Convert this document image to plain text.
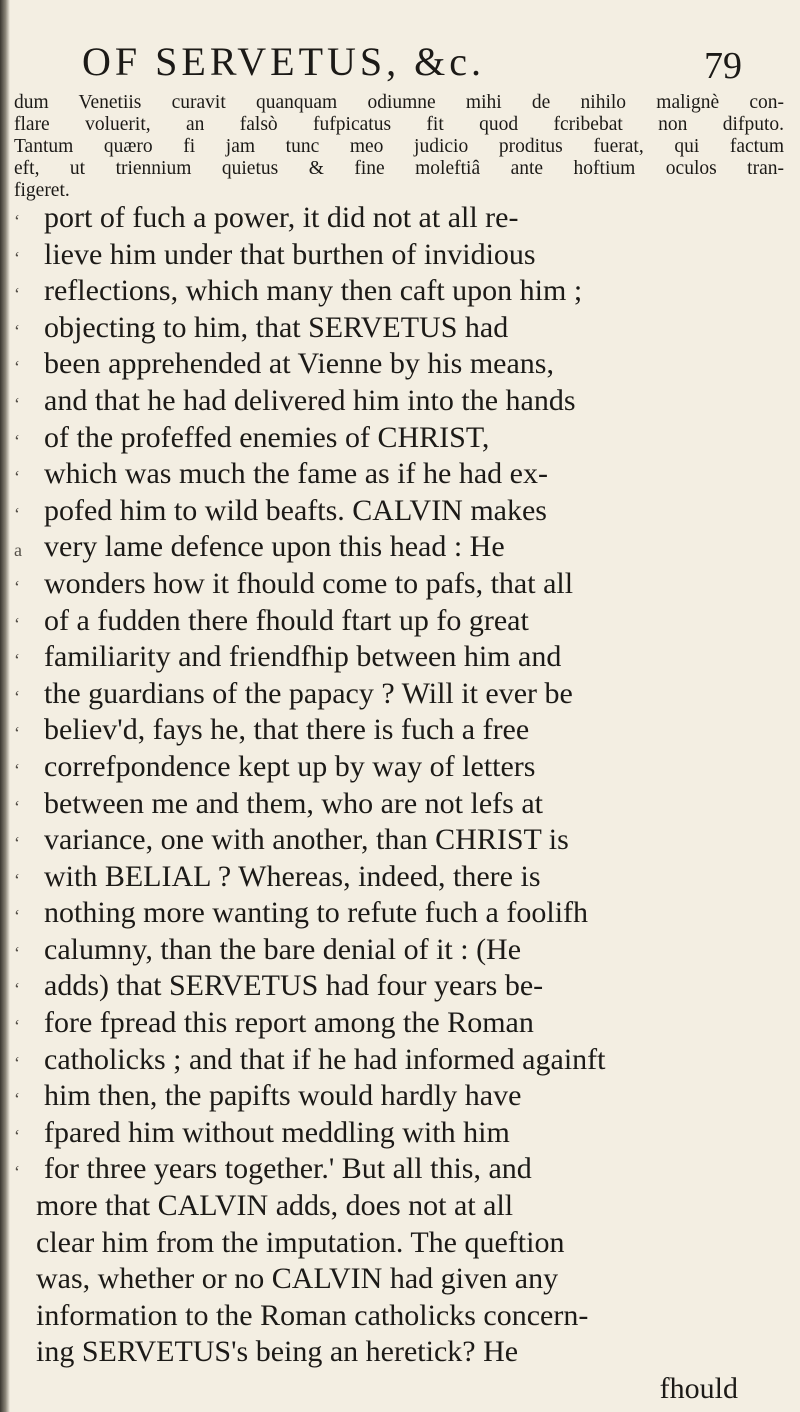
OF SERVETUS, &c.	79
dum Venetiis curavit quanquam odiumne mihi de nihilo malignè con-
flare voluerit, an falsò fufpicatus fit quod fcribebat non difputo.
Tantum quæro fi jam tunc meo judicio proditus fuerat, qui factum
eft, ut triennium quietus & fine moleftiâ ante hoftium oculos tran-
figeret.
‘ port of fuch a power, it did not at all re-
‘ lieve him under that burthen of invidious
‘ reflections, which many then caft upon him ;
‘ objecting to him, that SERVETUS had
‘ been apprehended at Vienne by his means,
‘ and that he had delivered him into the hands
‘ of the profeffed enemies of CHRIST,
‘ which was much the fame as if he had ex-
‘ pofed him to wild beafts. CALVIN makes
a very lame defence upon this head : He
‘ wonders how it fhould come to pafs, that all
‘ of a fudden there fhould ftart up fo great
‘ familiarity and friendfhip between him and
‘ the guardians of the papacy ? Will it ever be
‘ believ'd, fays he, that there is fuch a free
‘ correfpondence kept up by way of letters
‘ between me and them, who are not lefs at
‘ variance, one with another, than CHRIST is
‘ with BELIAL ? Whereas, indeed, there is
‘ nothing more wanting to refute fuch a foolifh
‘ calumny, than the bare denial of it : (He
‘ adds) that SERVETUS had four years be-
‘ fore fpread this report among the Roman
‘ catholicks ; and that if he had informed againft
‘ him then, the papifts would hardly have
‘ fpared him without meddling with him
‘ for three years together.' But all this, and
more that CALVIN adds, does not at all
clear him from the imputation. The queftion
was, whether or no CALVIN had given any
information to the Roman catholicks concern-
ing SERVETUS's being an heretick? He
fhould
